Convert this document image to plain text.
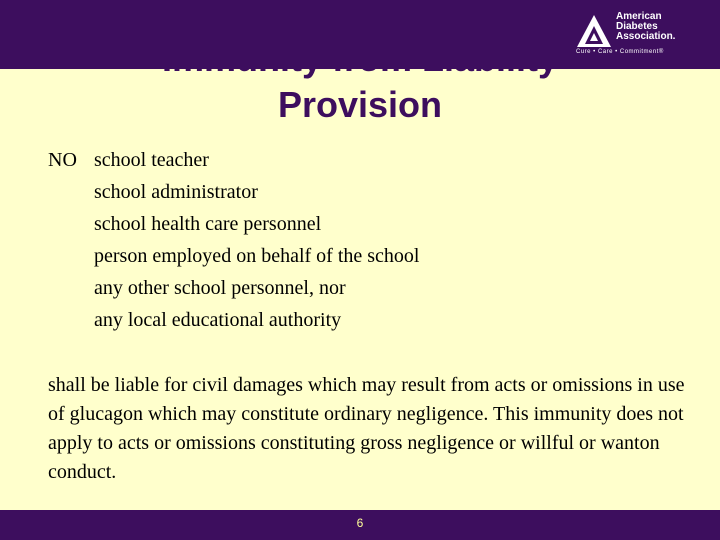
Provision
American
Diabetes
Association.
Cure • Care • Commitment®
NO school teacher
school administrator
school health care personnel
person employed on behalf of the school
any other school personnel, nor
any local educational authority
shall be liable for civil damages which may result from acts or omissions in use of glucagon which may constitute ordinary negligence. This immunity does not apply to acts or omissions constituting gross negligence or willful or wanton conduct.
6
